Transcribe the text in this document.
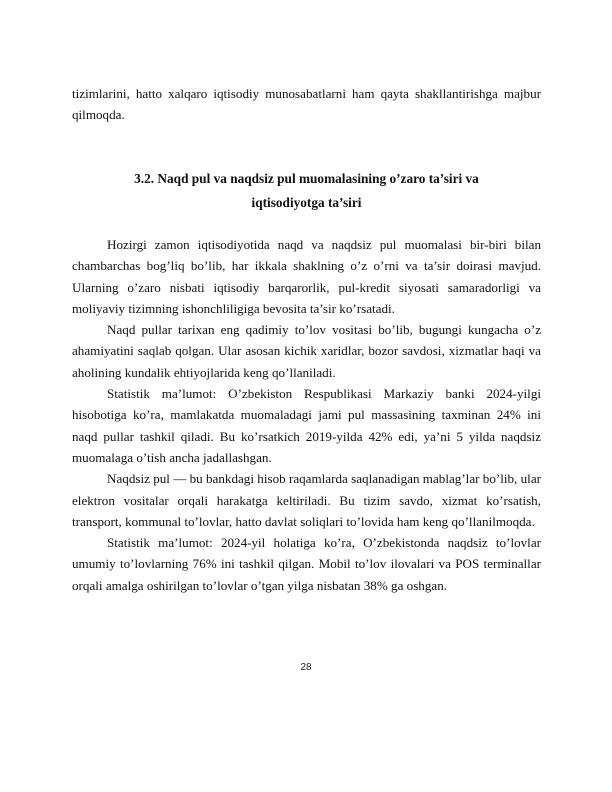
tizimlarini, hatto xalqaro iqtisodiy munosabatlarni ham qayta shakllantirishga majbur qilmoqda.

3.2. Naqd pul va naqdsiz pul muomalasining o’zaro ta’siri va
iqtisodiyotga ta’siri

Hozirgi zamon iqtisodiyotida naqd va naqdsiz pul muomalasi bir-biri bilan chambarchas bog’liq bo’lib, har ikkala shaklning o’z o’rni va ta’sir doirasi mavjud. Ularning o’zaro nisbati iqtisodiy barqarorlik, pul-kredit siyosati samaradorligi va moliyaviy tizimning ishonchliligiga bevosita ta’sir ko’rsatadi.

Naqd pullar tarixan eng qadimiy to’lov vositasi bo’lib, bugungi kungacha o’z ahamiyatini saqlab qolgan. Ular asosan kichik xaridlar, bozor savdosi, xizmatlar haqi va aholining kundalik ehtiyojlarida keng qo’llaniladi.

Statistik ma’lumot: O’zbekiston Respublikasi Markaziy banki 2024-yilgi hisobotiga ko’ra, mamlakatda muomaladagi jami pul massasining taxminan 24% ini naqd pullar tashkil qiladi. Bu ko’rsatkich 2019-yilda 42% edi, ya’ni 5 yilda naqdsiz muomalaga o’tish ancha jadallashgan.

Naqdsiz pul — bu bankdagi hisob raqamlarda saqlanadigan mablag’lar bo’lib, ular elektron vositalar orqali harakatga keltiriladi. Bu tizim savdo, xizmat ko’rsatish, transport, kommunal to’lovlar, hatto davlat soliqlari to’lovida ham keng qo’llanilmoqda.

Statistik ma’lumot: 2024-yil holatiga ko’ra, O’zbekistonda naqdsiz to’lovlar umumiy to’lovlarning 76% ini tashkil qilgan. Mobil to’lov ilovalari va POS terminallar orqali amalga oshirilgan to’lovlar o’tgan yilga nisbatan 38% ga oshgan.

28
